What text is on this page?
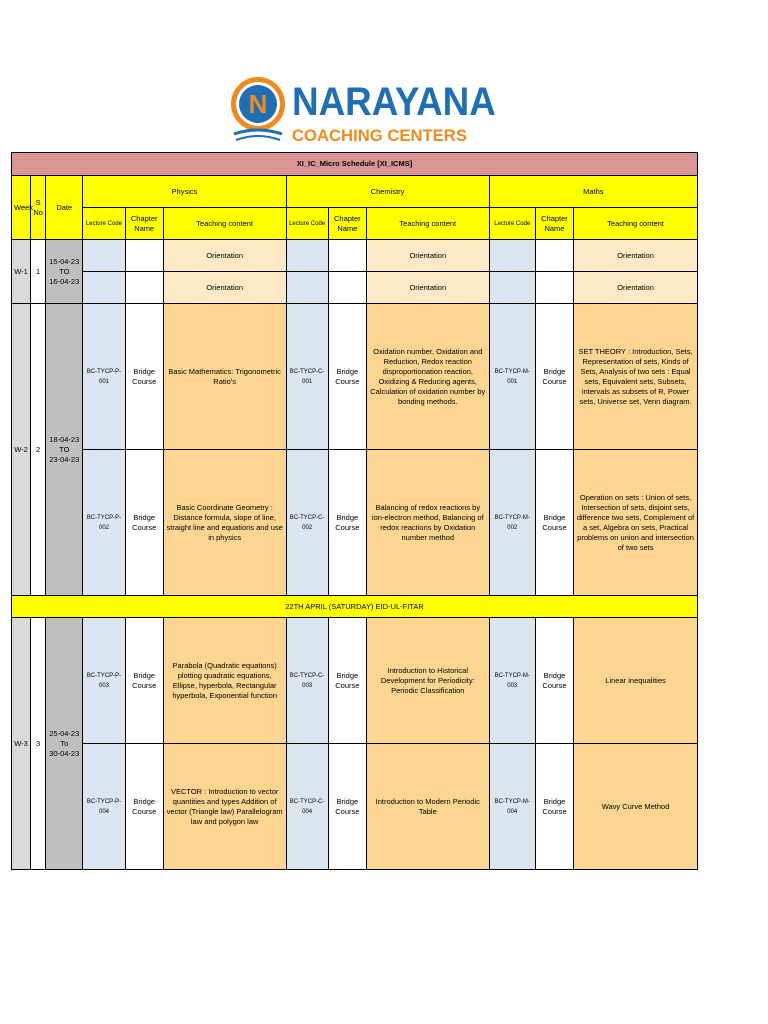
N NARAYANA
COACHING CENTERS
XI_IC_Micro Schedule [XI_ICMS]											
Week	S No	Date	Physics			Chemistry			Maths		
			Lecture Code	Chapter Name	Teaching content	Lecture Code	Chapter Name	Teaching content	Lecture Code	Chapter Name	Teaching content
W-1	1	15-04-23
TO
16-04-23			Orientation			Orientation			Orientation
					Orientation			Orientation			Orientation
W-2	2	18-04-23
TO
23-04-23	BC-TYCP-P-001	Bridge Course	Basic Mathematics: Trigonometric Ratio's	BC-TYCP-C-001	Bridge Course	Oxidation number, Oxidation and Reduction, Redox reaction disproportionation reaction, Oxidizing & Reducing agents, Calculation of oxidation number by bonding methods.	BC-TYCP-M-001	Bridge Course	SET THEORY : Introduction, Sets, Representation of sets, Kinds of Sets, Analysis of two sets : Equal sets, Equivalent sets, Subsets, intervals as subsets of R, Power sets, Universe set, Venn diagram.
			BC-TYCP-P-002	Bridge Course	Basic Coordinate Geometry : Distance formula, slope of line, straight line and equations and use in physics	BC-TYCP-C-002	Bridge Course	Balancing of redox reactions by ion-electron method, Balancing of redox reactions by Oxidation number method	BC-TYCP-M-002	Bridge Course	Operation on sets : Union of sets, Intersection of sets, disjoint sets, difference two sets, Complement of a set, Algebra on sets, Practical problems on union and intersection of two sets
22TH APRIL (SATURDAY) EID-UL-FITAR											
W-3	3	25-04-23
To
30-04-23	BC-TYCP-P-003	Bridge Course	Parabola (Quadratic equations) plotting quadratic equations, Ellipse, hyperbola, Rectangular hyperbola, Exponential function	BC-TYCP-C-003	Bridge Course	Introduction to Historical Development for Periodicity: Periodic Classification	BC-TYCP-M-003	Bridge Course	Linear inequalities
			BC-TYCP-P-004	Bridge Course	VECTOR : Introduction to vector quantities and types Addition of vector (Triangle law) Parallelogram law and polygon law	BC-TYCP-C-004	Bridge Course	Introduction to Modern Periodic Table	BC-TYCP-M-004	Bridge Course	Wavy Curve Method
